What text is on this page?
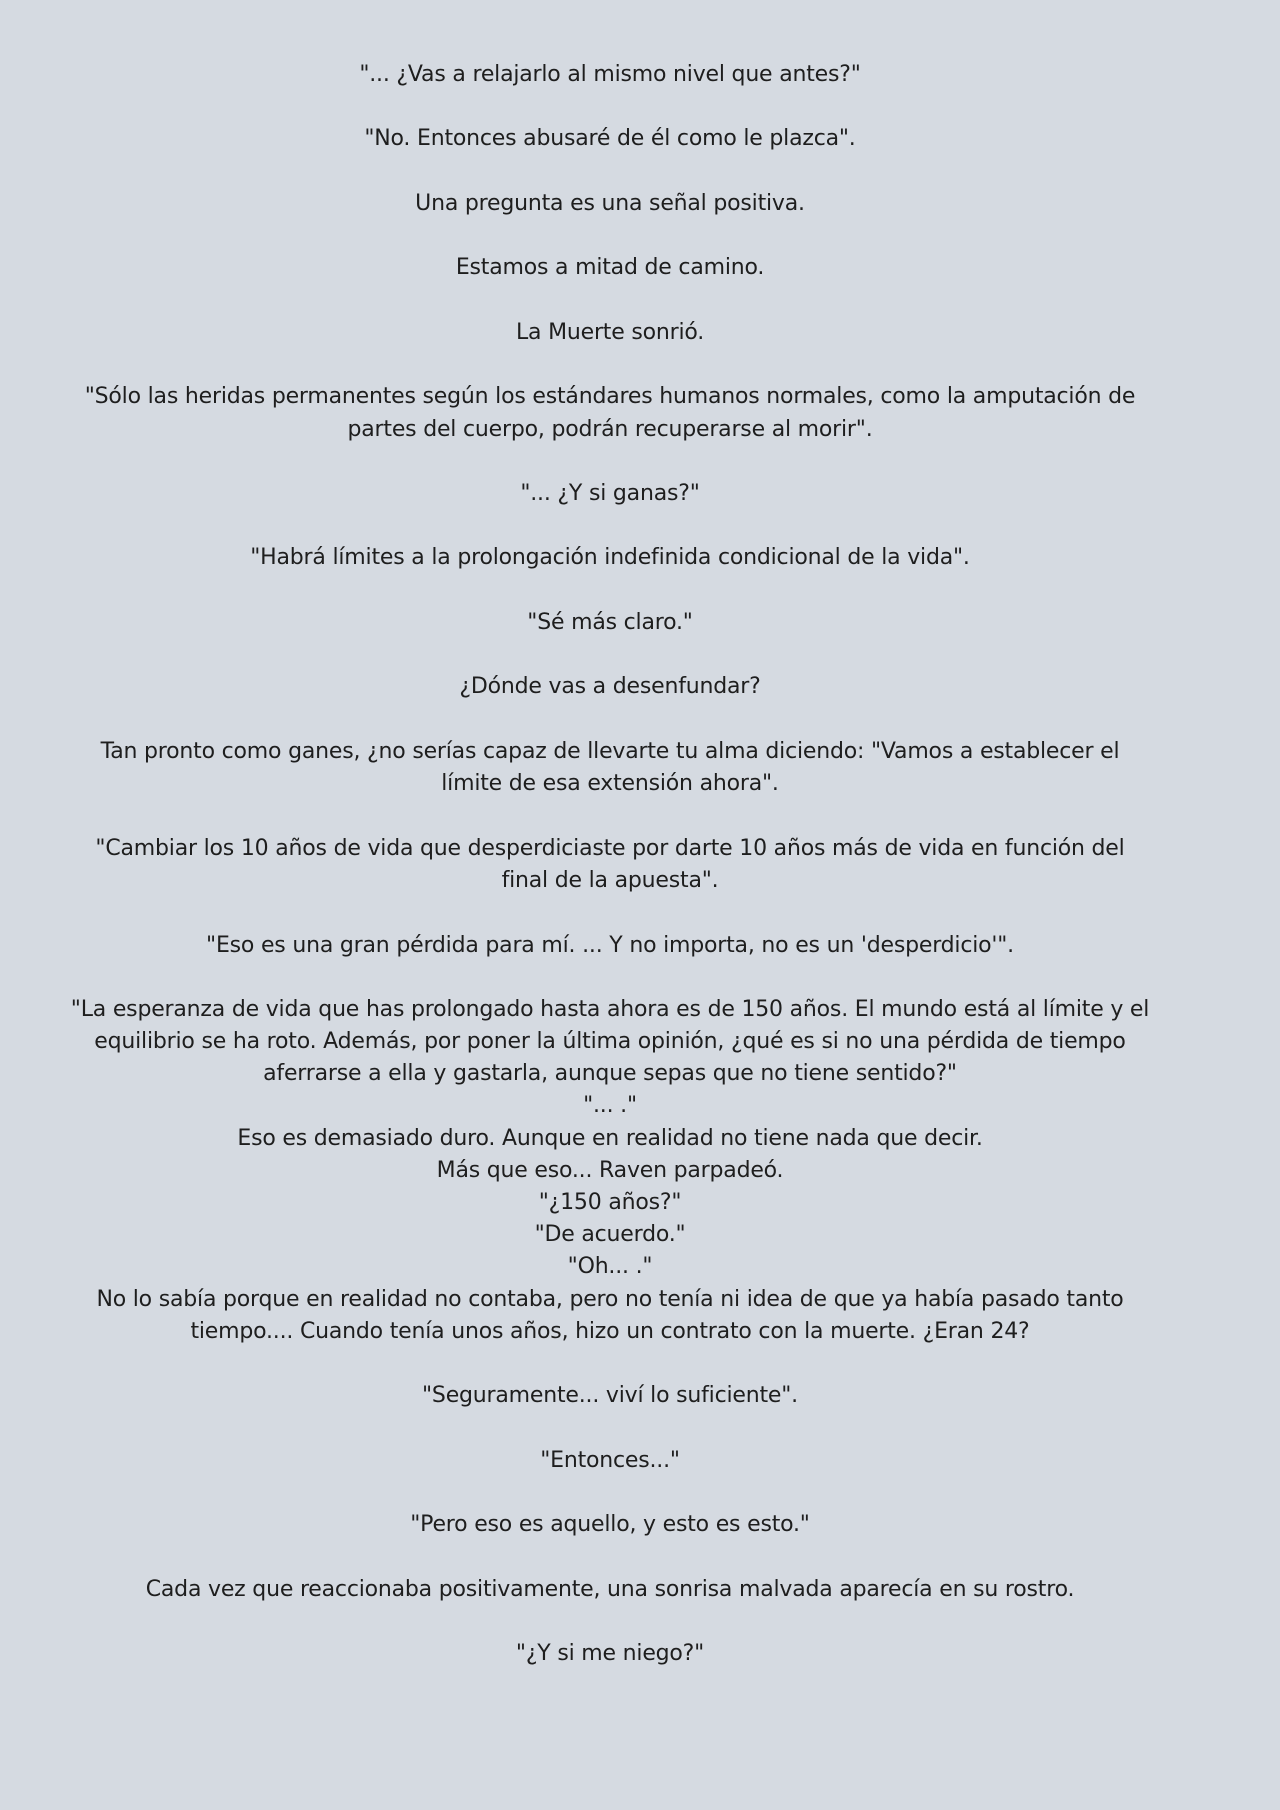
"... ¿Vas a relajarlo al mismo nivel que antes?"
"No. Entonces abusaré de él como le plazca".
Una pregunta es una señal positiva.
Estamos a mitad de camino.
La Muerte sonrió.
"Sólo las heridas permanentes según los estándares humanos normales, como la amputación de
partes del cuerpo, podrán recuperarse al morir".
"... ¿Y si ganas?"
"Habrá límites a la prolongación indefinida condicional de la vida".
"Sé más claro."
¿Dónde vas a desenfundar?
Tan pronto como ganes, ¿no serías capaz de llevarte tu alma diciendo: "Vamos a establecer el
límite de esa extensión ahora".
"Cambiar los 10 años de vida que desperdiciaste por darte 10 años más de vida en función del
final de la apuesta".
"Eso es una gran pérdida para mí. ... Y no importa, no es un 'desperdicio'".
"La esperanza de vida que has prolongado hasta ahora es de 150 años. El mundo está al límite y el
equilibrio se ha roto. Además, por poner la última opinión, ¿qué es si no una pérdida de tiempo
aferrarse a ella y gastarla, aunque sepas que no tiene sentido?"
"... ."
Eso es demasiado duro. Aunque en realidad no tiene nada que decir.
Más que eso... Raven parpadeó.
"¿150 años?"
"De acuerdo."
"Oh... ."
No lo sabía porque en realidad no contaba, pero no tenía ni idea de que ya había pasado tanto
tiempo.... Cuando tenía unos años, hizo un contrato con la muerte. ¿Eran 24?
"Seguramente... viví lo suficiente".
"Entonces..."
"Pero eso es aquello, y esto es esto."
Cada vez que reaccionaba positivamente, una sonrisa malvada aparecía en su rostro.
"¿Y si me niego?"
